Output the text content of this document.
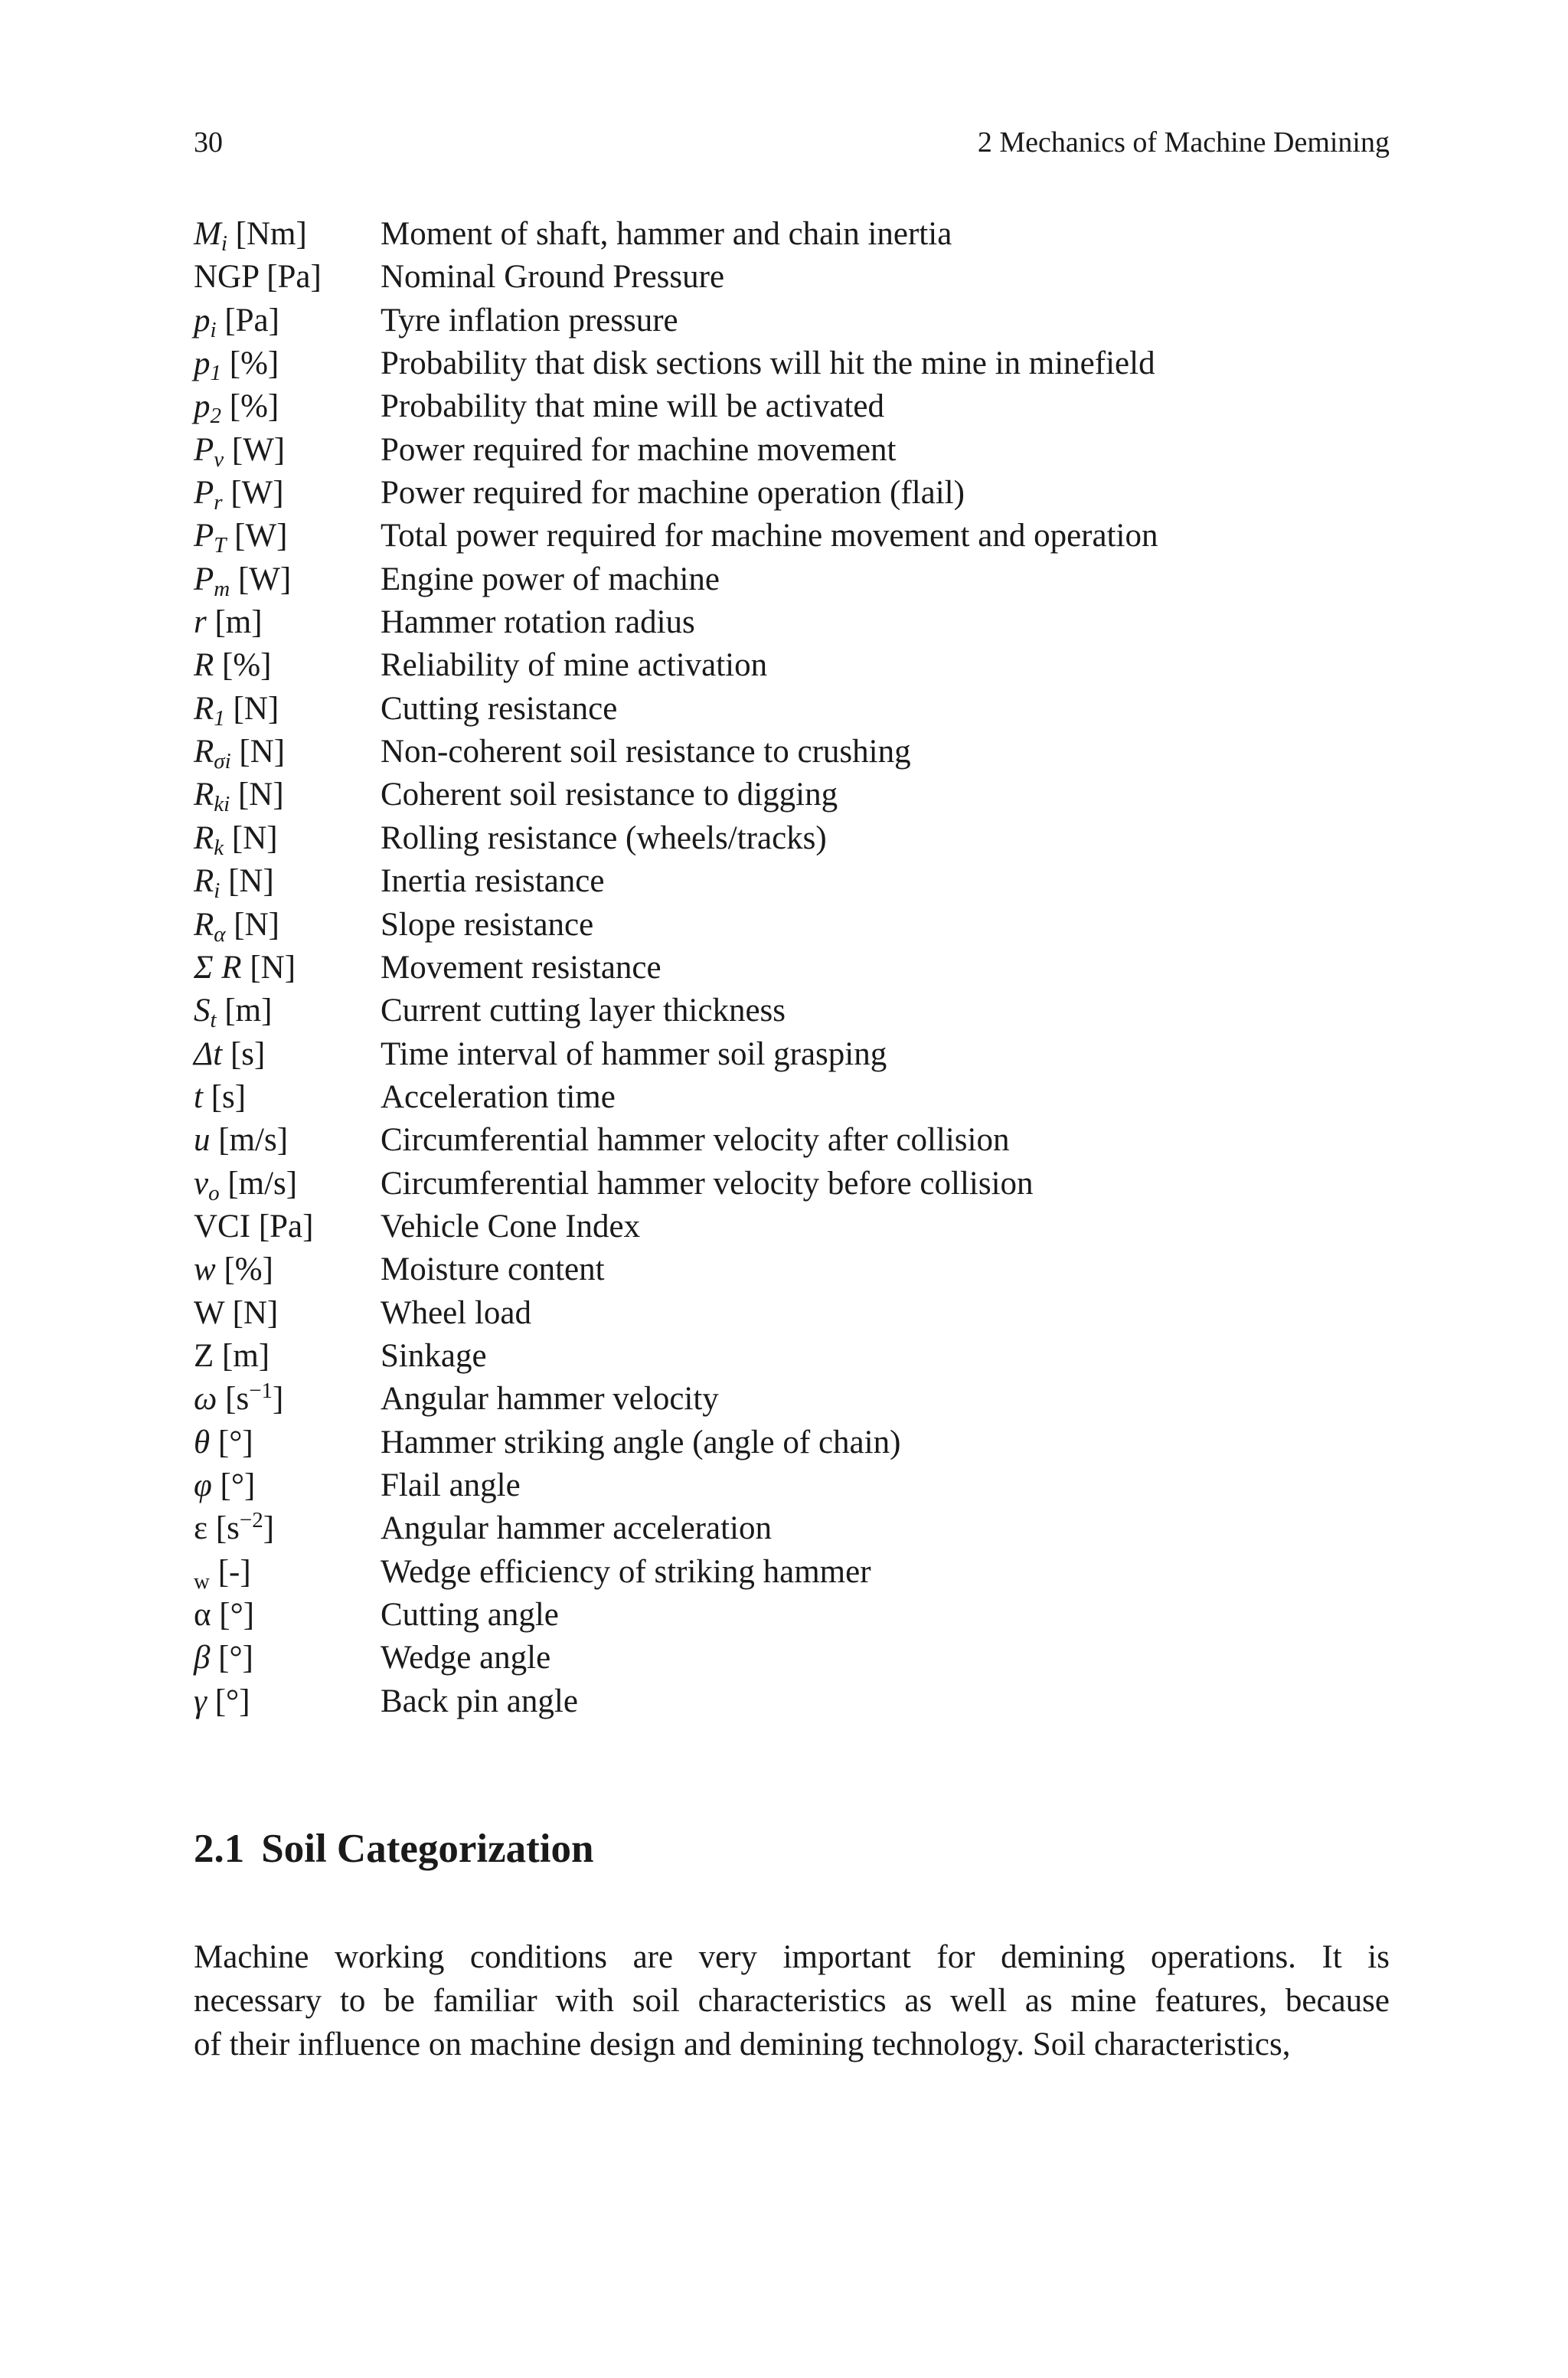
30	2 Mechanics of Machine Demining
$M_i$ [Nm] Moment of shaft, hammer and chain inertia
NGP [Pa] Nominal Ground Pressure
$p_i$ [Pa]	Tyre inflation pressure
$p_1$ [%]	Probability that disk sections will hit the mine in minefield
$p_2$ [%]	Probability that mine will be activated
$P_v$ [W]	Power required for machine movement
$P_r$ [W]	Power required for machine operation (flail)
$P_T$ [W]	Total power required for machine movement and operation
$P_m$ [W]	Engine power of machine
r [m]	Hammer rotation radius
R [%]	Reliability of mine activation
$R_1$ [N]	Cutting resistance
$R_{\sigma i}$ [N]	Non-coherent soil resistance to crushing
$R_{ki}$ [N]	Coherent soil resistance to digging
$R_k$ [N]	Rolling resistance (wheels/tracks)
$R_i$ [N]	Inertia resistance
$R_\alpha$ [N]	Slope resistance
Σ R [N]	Movement resistance
$S_t$ [m]	Current cutting layer thickness
Δt [s]	Time interval of hammer soil grasping
t [s]	Acceleration time
u [m/s]	Circumferential hammer velocity after collision
$v_o$ [m/s]	Circumferential hammer velocity before collision
VCI [Pa] Vehicle Cone Index
w [%]	Moisture content
W [N]	Wheel load
Z [m]	Sinkage
ω $[s^{-1}]$	Angular hammer velocity
θ [°]	Hammer striking angle (angle of chain)
φ [°]	Flail angle
ε $[s^{-2}]$	Angular hammer acceleration
$_w$ [-]	Wedge efficiency of striking hammer
α [°]	Cutting angle
β [°]	Wedge angle
γ [°]	Back pin angle
2.1 Soil Categorization
Machine working conditions are very important for demining operations. It is
necessary to be familiar with soil characteristics as well as mine features, because
of their influence on machine design and demining technology. Soil characteristics,
